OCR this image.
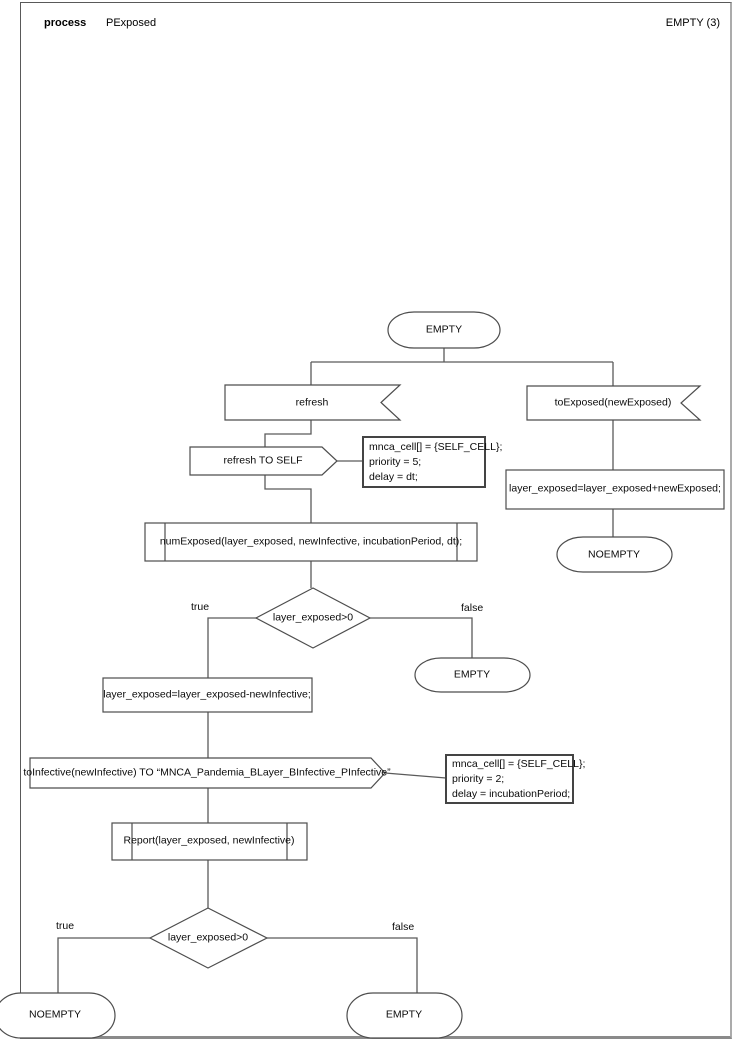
process PExposed	EMPTY (3)
EMPTY
refresh	toExposed(newExposed)
refresh TO SELF
mnca_cell[] = {SELF_CELL};
priority = 5;
delay = dt;
layer_exposed=layer_exposed+newExposed;
NOEMPTY
numExposed(layer_exposed, newInfective, incubationPeriod, dt);
layer_exposed>0
true	false
EMPTY
layer_exposed=layer_exposed-newInfective;
toInfective(newInfective) TO “MNCA_Pandemia_BLayer_BInfective_PInfective”
mnca_cell[] = {SELF_CELL};
priority = 2;
delay = incubationPeriod;
Report(layer_exposed, newInfective)
layer_exposed>0
true	false
NOEMPTY	EMPTY
